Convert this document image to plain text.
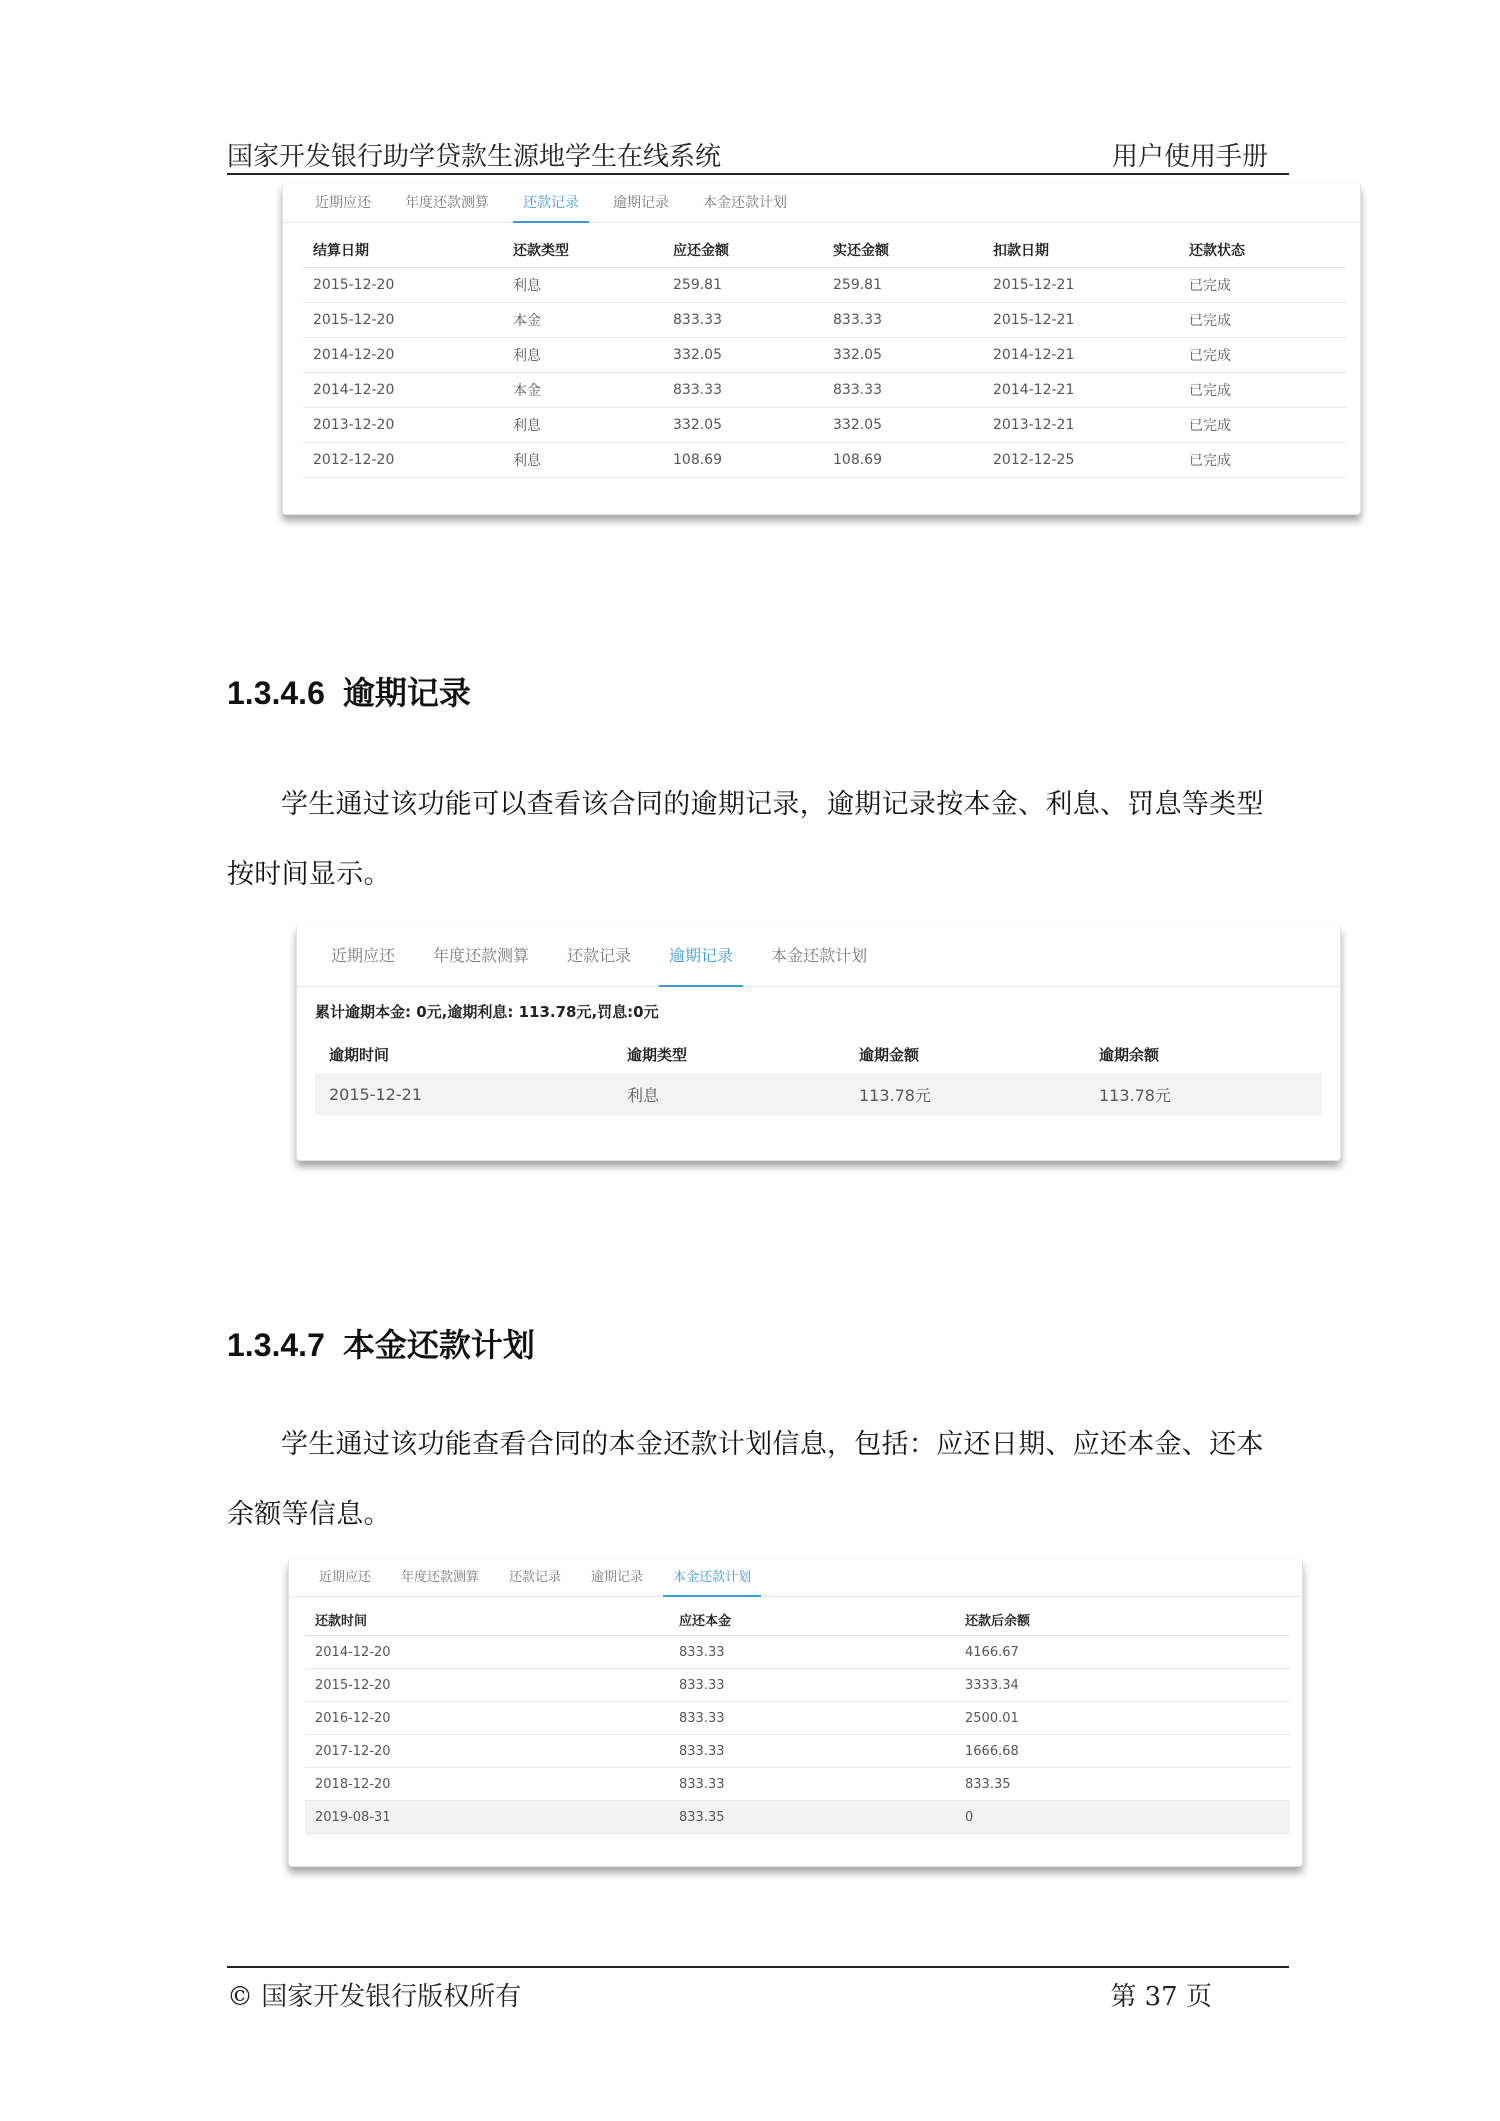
国家开发银行助学贷款生源地学生在线系统	用户使用手册
近期应还 年度还款测算 还款记录 逾期记录 本金还款计划
结算日期	还款类型	应还金额	实还金额	扣款日期	还款状态
2015-12-20	利息	259.81	259.81	2015-12-21	已完成
2015-12-20	本金	833.33	833.33	2015-12-21	已完成
2014-12-20	利息	332.05	332.05	2014-12-21	已完成
2014-12-20	本金	833.33	833.33	2014-12-21	已完成
2013-12-20	利息	332.05	332.05	2013-12-21	已完成
2012-12-20	利息	108.69	108.69	2012-12-25	已完成
1.3.4.6 逾期记录
学生通过该功能可以查看该合同的逾期记录，逾期记录按本金、利息、罚息等类型按时间显示。
近期应还 年度还款测算 还款记录 逾期记录 本金还款计划
累计逾期本金: 0元,逾期利息: 113.78元,罚息:0元
逾期时间	逾期类型	逾期金额	逾期余额
2015-12-21	利息	113.78元	113.78元
1.3.4.7 本金还款计划
学生通过该功能查看合同的本金还款计划信息，包括：应还日期、应还本金、还本余额等信息。
近期应还 年度还款测算 还款记录 逾期记录 本金还款计划
还款时间	应还本金	还款后余额
2014-12-20	833.33	4166.67
2015-12-20	833.33	3333.34
2016-12-20	833.33	2500.01
2017-12-20	833.33	1666.68
2018-12-20	833.33	833.35
2019-08-31	833.35	0
© 国家开发银行版权所有	第 37 页
